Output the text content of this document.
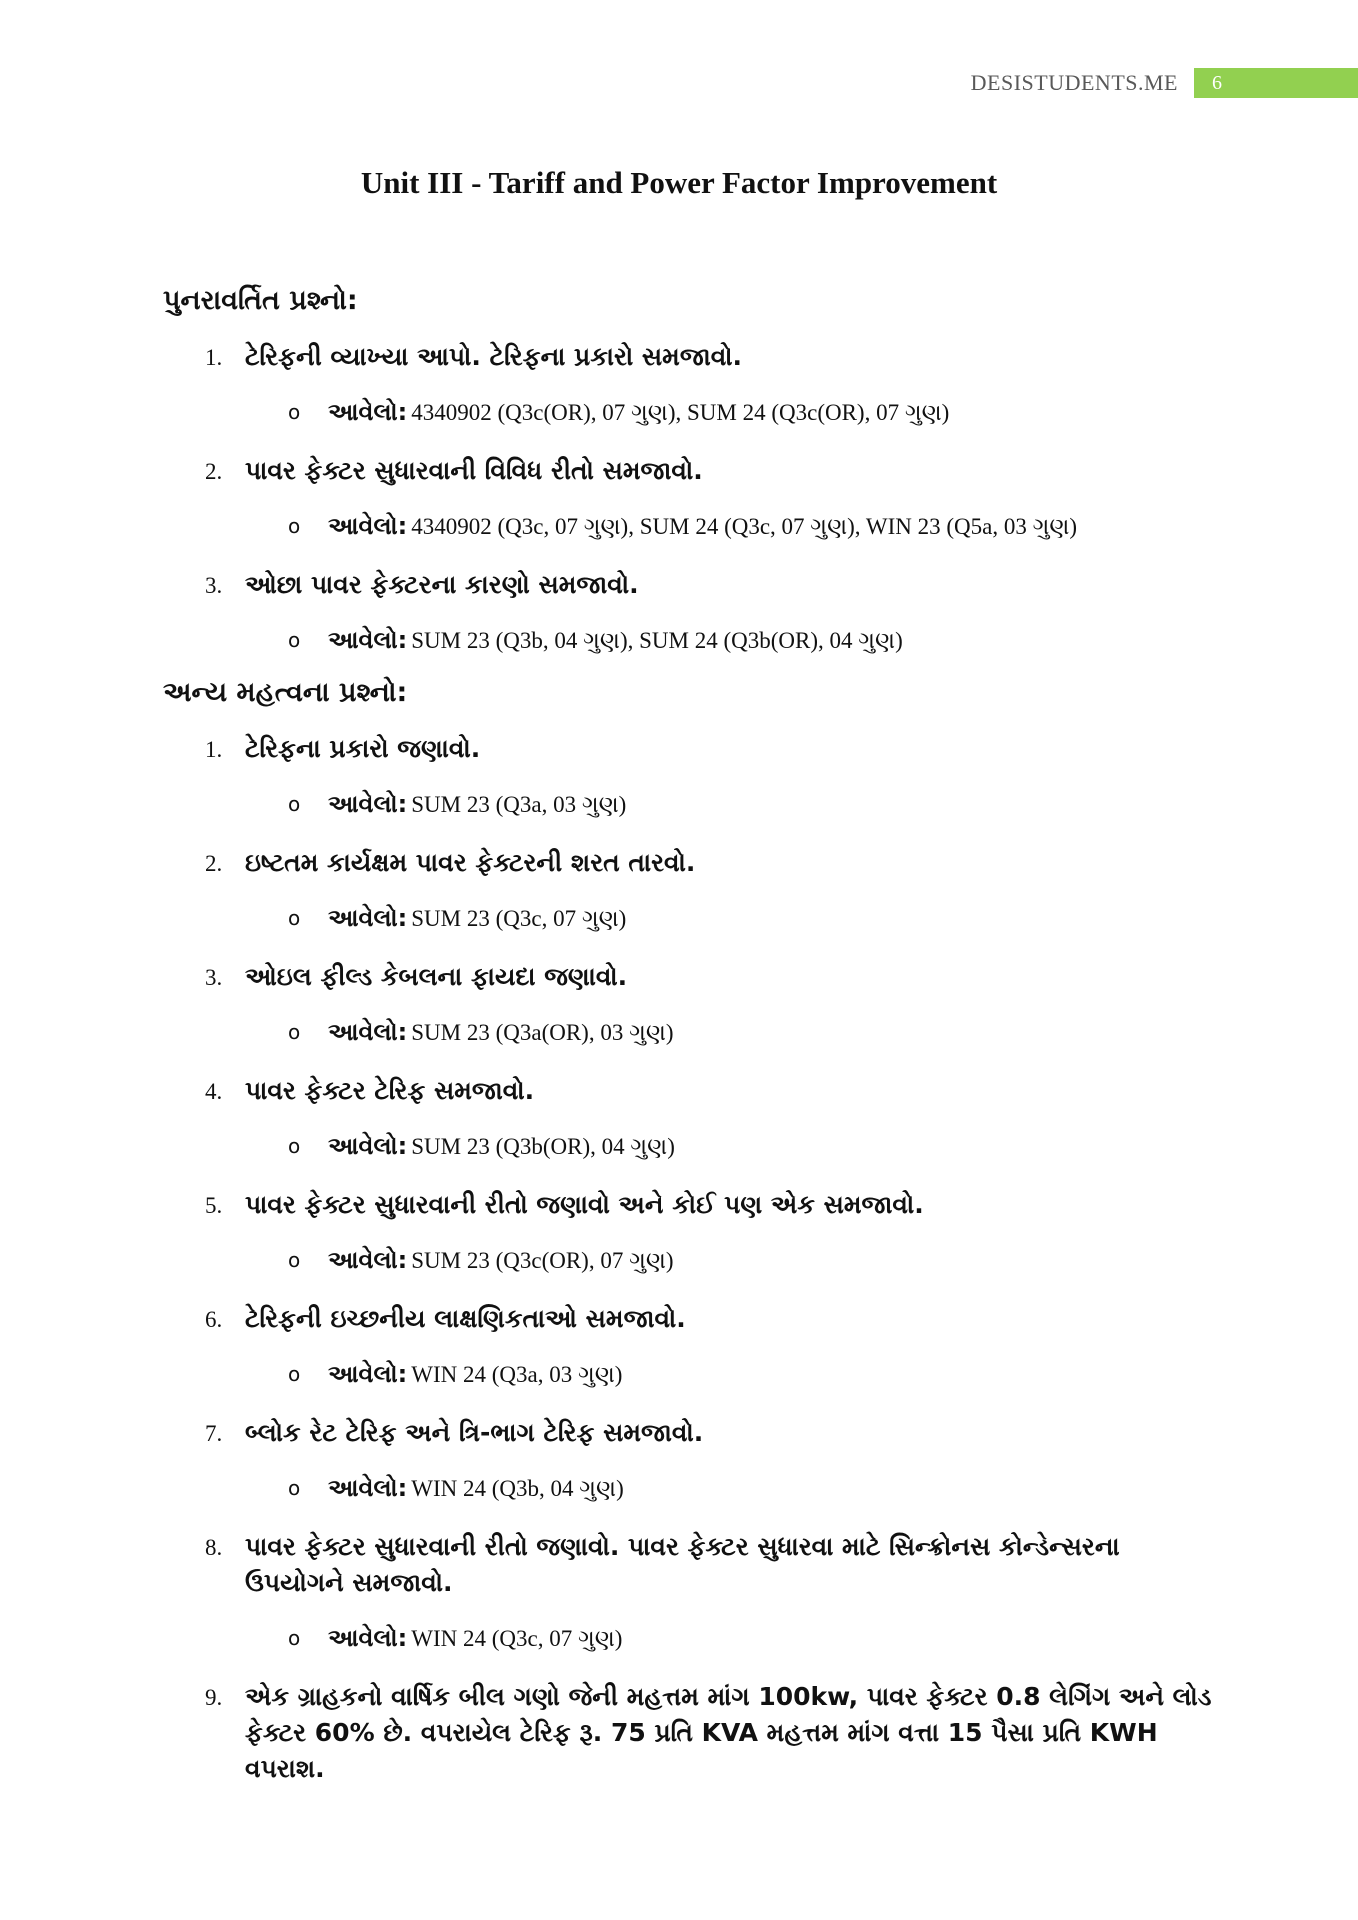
DESISTUDENTS.ME	6
Unit III - Tariff and Power Factor Improvement
પુનરાવર્તિત પ્રશ્નો:
1. ટેરિફની વ્યાખ્યા આપો. ટેરિફના પ્રકારો સમજાવો.
o આવેલો: 4340902 (Q3c(OR), 07 ગુણ), SUM 24 (Q3c(OR), 07 ગુણ)
2. પાવર ફેક્ટર સુધારવાની વિવિધ રીતો સમજાવો.
o આવેલો: 4340902 (Q3c, 07 ગુણ), SUM 24 (Q3c, 07 ગુણ), WIN 23 (Q5a, 03 ગુણ)
3. ઓછા પાવર ફેક્ટરના કારણો સમજાવો.
o આવેલો: SUM 23 (Q3b, 04 ગુણ), SUM 24 (Q3b(OR), 04 ગુણ)
અન્ય મહત્વના પ્રશ્નો:
1. ટેરિફના પ્રકારો જણાવો.
o આવેલો: SUM 23 (Q3a, 03 ગુણ)
2. ઇષ્ટતમ કાર્યક્ષમ પાવર ફેક્ટરની શરત તારવો.
o આવેલો: SUM 23 (Q3c, 07 ગુણ)
3. ઓઇલ ફીલ્ડ કેબલના ફાયદા જણાવો.
o આવેલો: SUM 23 (Q3a(OR), 03 ગુણ)
4. પાવર ફેક્ટર ટેરિફ સમજાવો.
o આવેલો: SUM 23 (Q3b(OR), 04 ગુણ)
5. પાવર ફેક્ટર સુધારવાની રીતો જણાવો અને કોઈ પણ એક સમજાવો.
o આવેલો: SUM 23 (Q3c(OR), 07 ગુણ)
6. ટેરિફની ઇચ્છનીય લાક્ષણિકતાઓ સમજાવો.
o આવેલો: WIN 24 (Q3a, 03 ગુણ)
7. બ્લોક રેટ ટેરિફ અને ત્રિ-ભાગ ટેરિફ સમજાવો.
o આવેલો: WIN 24 (Q3b, 04 ગુણ)
8. પાવર ફેક્ટર સુધારવાની રીતો જણાવો. પાવર ફેક્ટર સુધારવા માટે સિન્ક્રોનસ કોન્ડેન્સરના ઉપયોગને સમજાવો.
o આવેલો: WIN 24 (Q3c, 07 ગુણ)
9. એક ગ્રાહકનો વાર્ષિક બીલ ગણો જેની મહત્તમ માંગ 100kw, પાવર ફેક્ટર 0.8 લેગિંગ અને લોડ ફેક્ટર 60% છે. વપરાયેલ ટેરિફ રૂ. 75 પ્રતિ KVA મહત્તમ માંગ વત્તા 15 પૈસા પ્રતિ KWH વપરાશ.
